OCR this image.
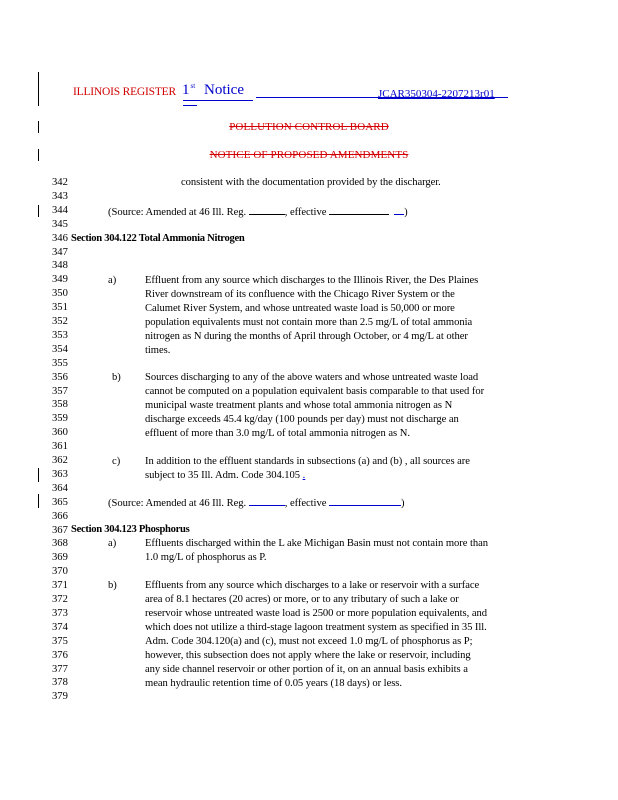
ILLINOIS REGISTER 1st Notice	JCAR350304-2207213r01
POLLUTION CONTROL BOARD
NOTICE OF PROPOSED AMENDMENTS
342
343
344
345
346
347
348
349
350
351
352
353
354
355
356
357
358
359
360
361
362
363
364
365
366
367
368
369
370
371
372
373
374
375
376
377
378
379
consistent with the documentation provided by the discharger.
(Source: Amended at 46 Ill. Reg.	, effective	)
Section 304.122 Total Ammonia Nitrogen
a)	Effluent from any source which discharges to the Illinois River, the Des Plaines
River downstream of its confluence with the Chicago River System or the
Calumet River System, and whose untreated waste load is 50,000 or more
population equivalents must not contain more than 2.5 mg/L of total ammonia
nitrogen as N during the months of April through October, or 4 mg/L at other
times.
b) Sources discharging to any of the above waters and whose untreated waste load
cannot be computed on a population equivalent basis comparable to that used for
municipal waste treatment plants and whose total ammonia nitrogen as N
discharge exceeds 45.4 kg/day (100 pounds per day) must not discharge an
effluent of more than 3.0 mg/L of total ammonia nitrogen as N.
c) In addition to the effluent standards in subsections (a) and (b) , all sources are
subject to 35 Ill. Adm. Code 304.105 .
(Source: Amended at 46 Ill. Reg.	, effective	)
Section 304.123 Phosphorus
a)	Effluents discharged within the L ake Michigan Basin must not contain more than
1.0 mg/L of phosphorus as P.
b)	Effluents from any source which discharges to a lake or reservoir with a surface
area of 8.1 hectares (20 acres) or more, or to any tributary of such a lake or
reservoir whose untreated waste load is 2500 or more population equivalents, and
which does not utilize a third-stage lagoon treatment system as specified in 35 Ill.
Adm. Code 304.120(a) and (c), must not exceed 1.0 mg/L of phosphorus as P;
however, this subsection does not apply where the lake or reservoir, including
any side channel reservoir or other portion of it, on an annual basis exhibits a
mean hydraulic retention time of 0.05 years (18 days) or less.
